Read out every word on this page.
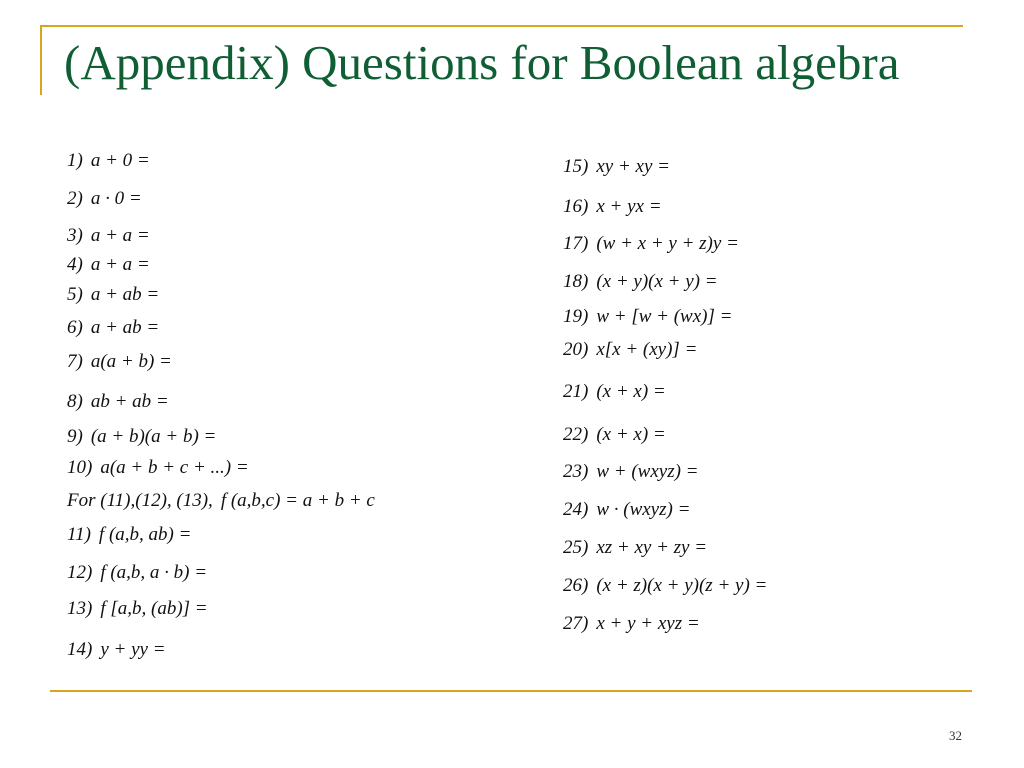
(Appendix) Questions for Boolean algebra
1) a + 0 =
2) a · 0 =
3) a + a =
4) a + a =
5) a + ab =
6) a + ab =
7) a(a + b) =
8) ab + ab =
9) (a + b)(a + b) =
10) a(a + b + c + ...) =
For (11),(12), (13), f (a,b,c) = a + b + c
11) f (a,b, ab) =
12) f (a,b, a · b) =
13) f [a,b, (ab)] =
14) y + yy =
15) xy + xy =
16) x + yx =
17) (w + x + y + z)y =
18) (x + y)(x + y) =
19) w + [w + (wx)] =
20) x[x + (xy)] =
21) (x + x) =
22) (x + x) =
23) w + (wxyz) =
24) w · (wxyz) =
25) xz + xy + zy =
26) (x + z)(x + y)(z + y) =
27) x + y + xyz =
32
